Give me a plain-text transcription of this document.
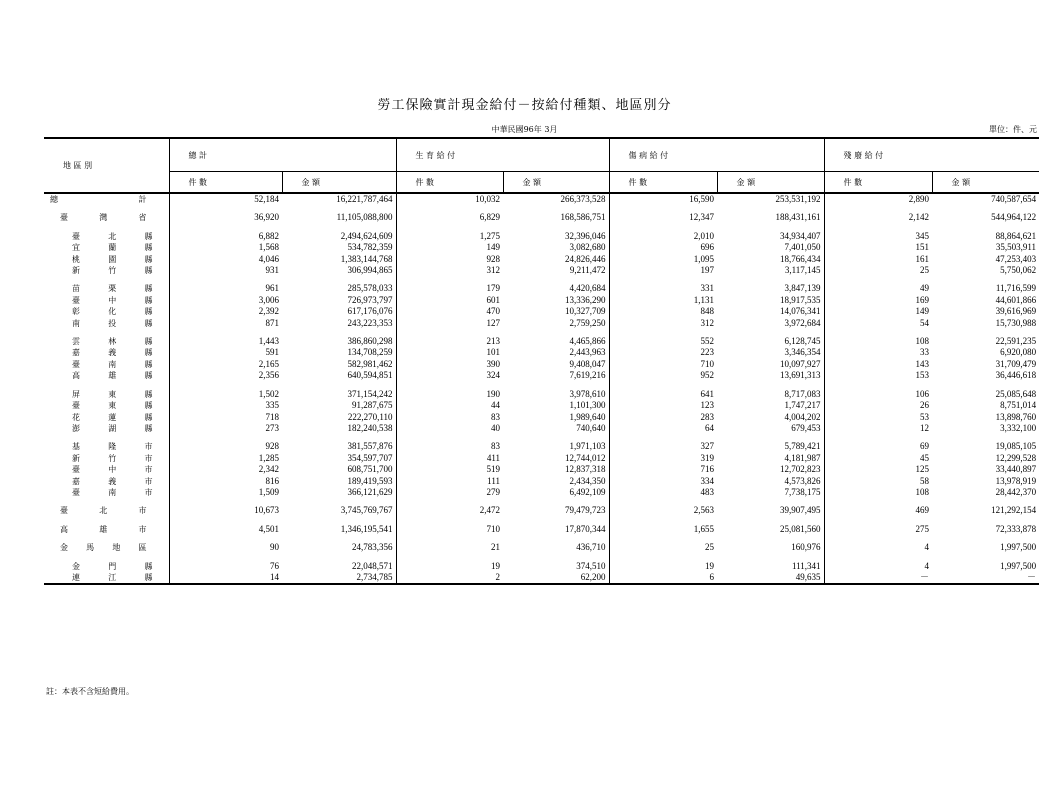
勞工保險實計現金給付－按給付種類、地區別分
中華民國96年 3月	單位：件、元
地 區 別	總 計		生 育 給 付		傷 病 給 付		殘 廢 給 付	

件 數	金 額	件 數	金 額	件 數	金 額	件 數	金 額

總 計	52,184	16,221,787,464	10,032	266,373,528	16,590	253,531,192	2,890	740,587,654

臺 灣 省	36,920	11,105,088,800	6,829	168,586,751	12,347	188,431,161	2,142	544,964,122

臺 北 縣	6,882	2,494,624,609	1,275	32,396,046	2,010	34,934,407	345	88,864,621
宜 蘭 縣	1,568	534,782,359	149	3,082,680	696	7,401,050	151	35,503,911
桃 園 縣	4,046	1,383,144,768	928	24,826,446	1,095	18,766,434	161	47,253,403
新 竹 縣	931	306,994,865	312	9,211,472	197	3,117,145	25	5,750,062

苗 栗 縣	961	285,578,033	179	4,420,684	331	3,847,139	49	11,716,599
臺 中 縣	3,006	726,973,797	601	13,336,290	1,131	18,917,535	169	44,601,866
彰 化 縣	2,392	617,176,076	470	10,327,709	848	14,076,341	149	39,616,969
南 投 縣	871	243,223,353	127	2,759,250	312	3,972,684	54	15,730,988

雲 林 縣	1,443	386,860,298	213	4,465,866	552	6,128,745	108	22,591,235
嘉 義 縣	591	134,708,259	101	2,443,963	223	3,346,354	33	6,920,080
臺 南 縣	2,165	582,981,462	390	9,408,047	710	10,097,927	143	31,709,479
高 雄 縣	2,356	640,594,851	324	7,619,216	952	13,691,313	153	36,446,618

屏 東 縣	1,502	371,154,242	190	3,978,610	641	8,717,083	106	25,085,648
臺 東 縣	335	91,287,675	44	1,101,300	123	1,747,217	26	8,751,014
花 蓮 縣	718	222,270,110	83	1,989,640	283	4,004,202	53	13,898,760
澎 湖 縣	273	182,240,538	40	740,640	64	679,453	12	3,332,100

基 隆 市	928	381,557,876	83	1,971,103	327	5,789,421	69	19,085,105
新 竹 市	1,285	354,597,707	411	12,744,012	319	4,181,987	45	12,299,528
臺 中 市	2,342	608,751,700	519	12,837,318	716	12,702,823	125	33,440,897
嘉 義 市	816	189,419,593	111	2,434,350	334	4,573,826	58	13,978,919
臺 南 市	1,509	366,121,629	279	6,492,109	483	7,738,175	108	28,442,370

臺 北 市	10,673	3,745,769,767	2,472	79,479,723	2,563	39,907,495	469	121,292,154

高 雄 市	4,501	1,346,195,541	710	17,870,344	1,655	25,081,560	275	72,333,878

金 馬 地 區	90	24,783,356	21	436,710	25	160,976	4	1,997,500

金 門 縣	76	22,048,571	19	374,510	19	111,341	4	1,997,500
連 江 縣	14	2,734,785	2	62,200	6	49,635	－	－
註：本表不含短給費用。
